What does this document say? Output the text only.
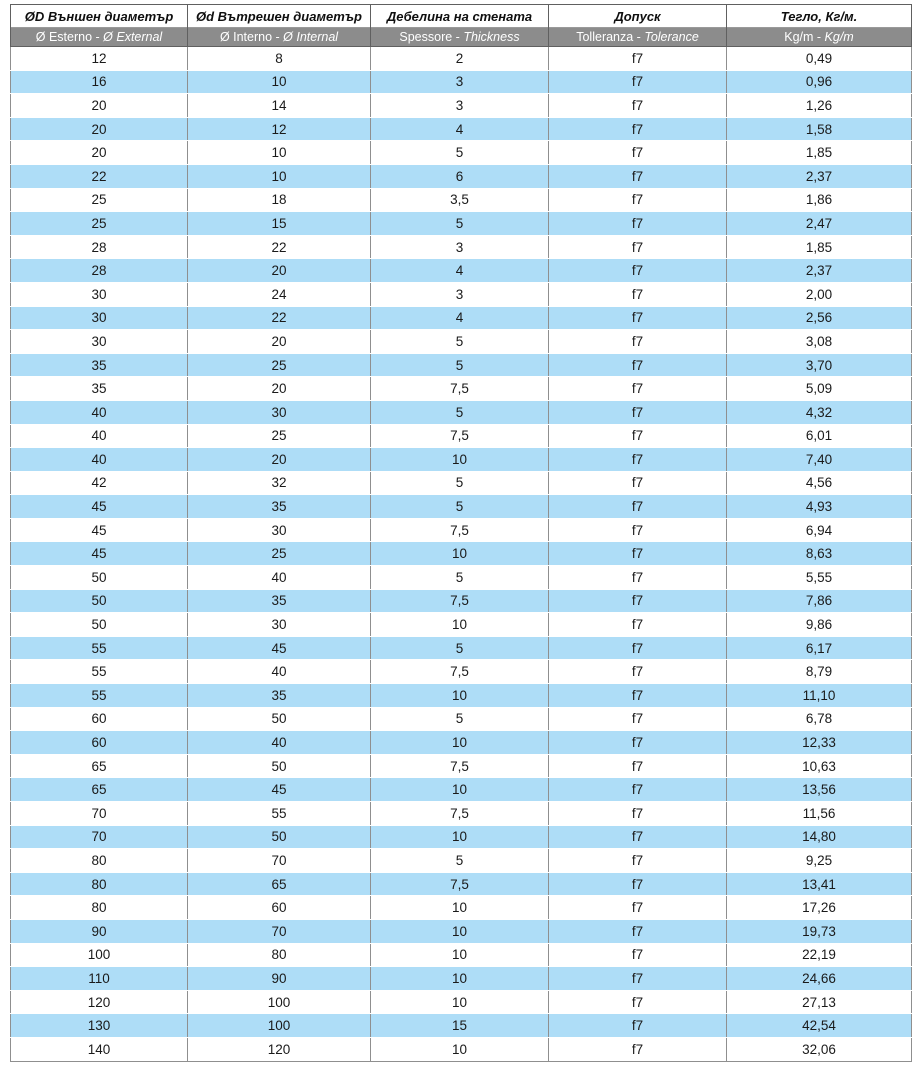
ØD Външен диаметър	Ød Вътрешен диаметър	Дебелина на стената	Допуск	Тегло, Кг/м.
Ø Esterno - Ø External	Ø Interno - Ø Internal	Spessore - Thickness	Tolleranza - Tolerance	Kg/m - Kg/m
12	8	2	f7	0,49
16	10	3	f7	0,96
20	14	3	f7	1,26
20	12	4	f7	1,58
20	10	5	f7	1,85
22	10	6	f7	2,37
25	18	3,5	f7	1,86
25	15	5	f7	2,47
28	22	3	f7	1,85
28	20	4	f7	2,37
30	24	3	f7	2,00
30	22	4	f7	2,56
30	20	5	f7	3,08
35	25	5	f7	3,70
35	20	7,5	f7	5,09
40	30	5	f7	4,32
40	25	7,5	f7	6,01
40	20	10	f7	7,40
42	32	5	f7	4,56
45	35	5	f7	4,93
45	30	7,5	f7	6,94
45	25	10	f7	8,63
50	40	5	f7	5,55
50	35	7,5	f7	7,86
50	30	10	f7	9,86
55	45	5	f7	6,17
55	40	7,5	f7	8,79
55	35	10	f7	11,10
60	50	5	f7	6,78
60	40	10	f7	12,33
65	50	7,5	f7	10,63
65	45	10	f7	13,56
70	55	7,5	f7	11,56
70	50	10	f7	14,80
80	70	5	f7	9,25
80	65	7,5	f7	13,41
80	60	10	f7	17,26
90	70	10	f7	19,73
100	80	10	f7	22,19
110	90	10	f7	24,66
120	100	10	f7	27,13
130	100	15	f7	42,54
140	120	10	f7	32,06
